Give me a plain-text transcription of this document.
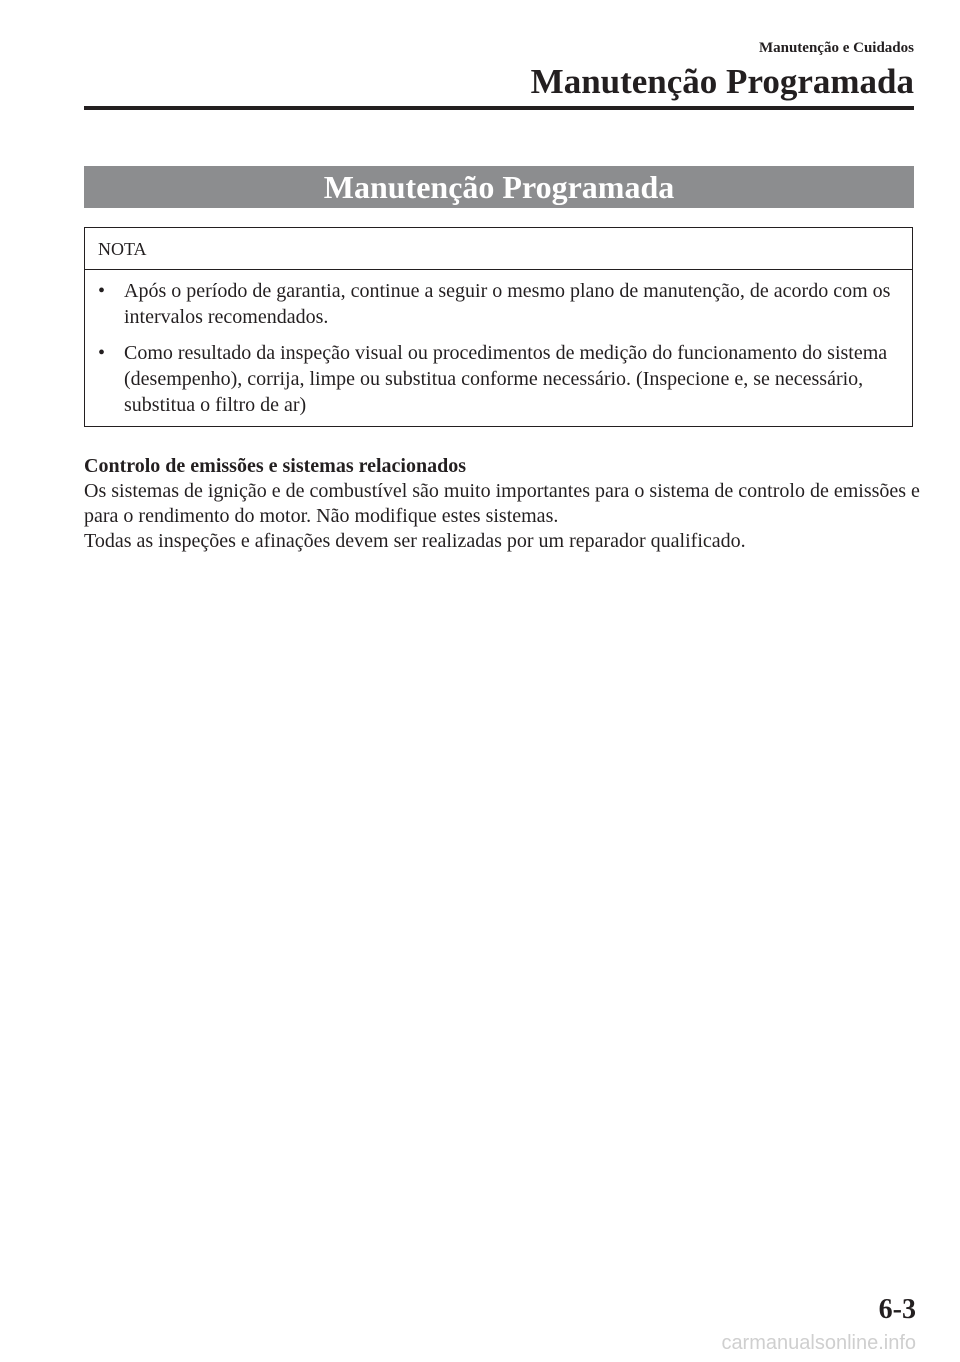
Manutenção e Cuidados
Manutenção Programada
Manutenção Programada
NOTA
• Após o período de garantia, continue a seguir o mesmo plano de manutenção, de acordo com os intervalos recomendados.
• Como resultado da inspeção visual ou procedimentos de medição do funcionamento do sistema (desempenho), corrija, limpe ou substitua conforme necessário. (Inspecione e, se necessário, substitua o filtro de ar)
Controlo de emissões e sistemas relacionados

Os sistemas de ignição e de combustível são muito importantes para o sistema de controlo de emissões e para o rendimento do motor. Não modifique estes sistemas.

Todas as inspeções e afinações devem ser realizadas por um reparador qualificado.

6-3
carmanualsonline.info
